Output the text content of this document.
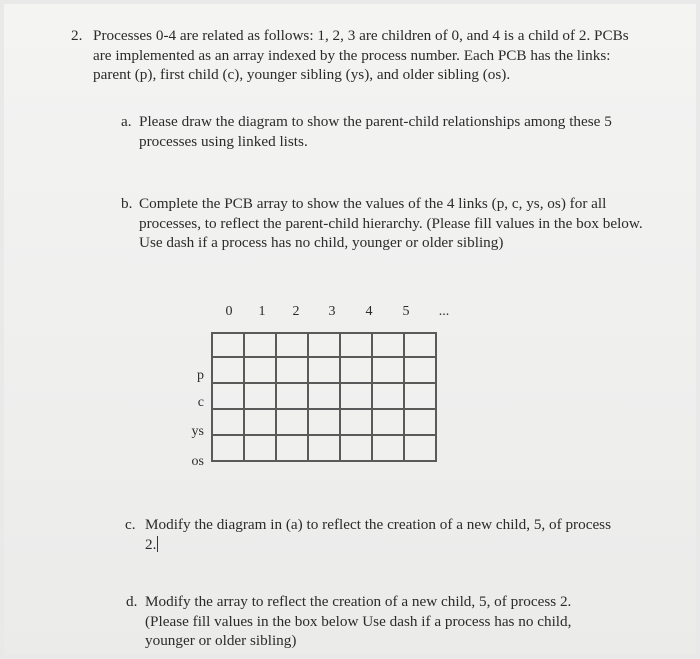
2. Processes 0-4 are related as follows: 1, 2, 3 are children of 0, and 4 is a child of 2. PCBs are implemented as an array indexed by the process number. Each PCB has the links: parent (p), first child (c), younger sibling (ys), and older sibling (os).
a. Please draw the diagram to show the parent-child relationships among these 5 processes using linked lists.
b. Complete the PCB array to show the values of the 4 links (p, c, ys, os) for all processes, to reflect the parent-child hierarchy. (Please fill values in the box below. Use dash if a process has no child, younger or older sibling)
0	1	2	3	4	5	...
p
c
ys
os

c. Modify the diagram in (a) to reflect the creation of a new child, 5, of process 2.
d. Modify the array to reflect the creation of a new child, 5, of process 2. (Please fill values in the box below Use dash if a process has no child, younger or older sibling)
